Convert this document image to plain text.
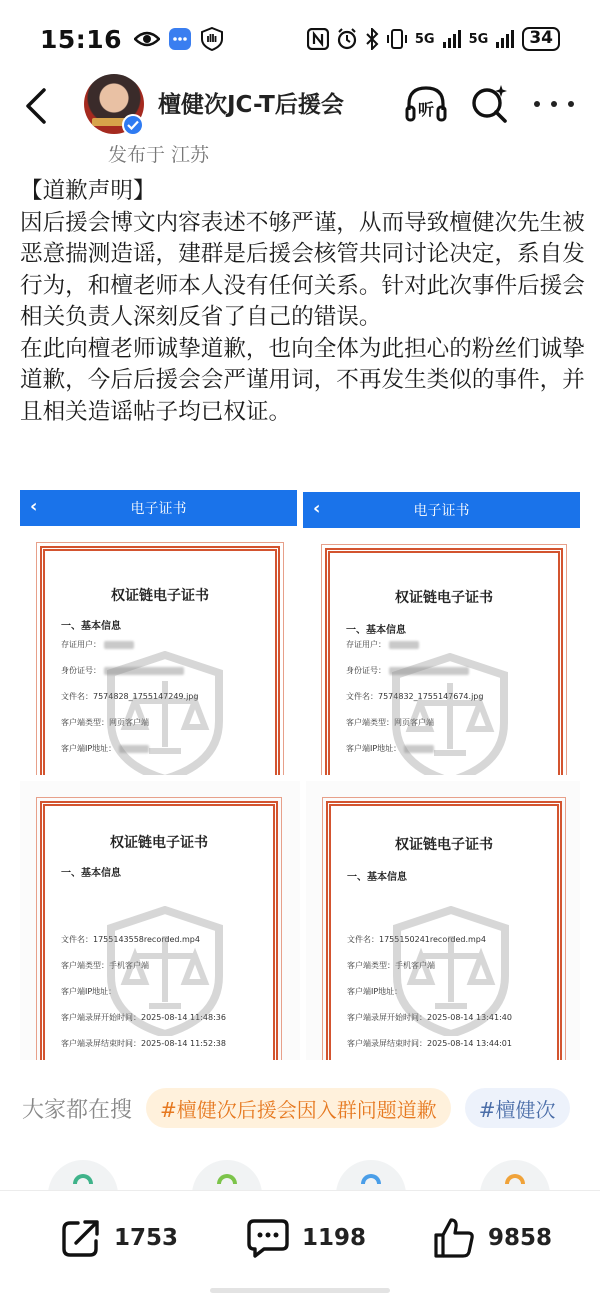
15:16	5G	5G	34
檀健次JC-T后援会	听
发布于 江苏

【道歉声明】

因后援会博文内容表述不够严谨，从而导致檀健次先生被恶意揣测造谣，建群是后援会核管共同讨论决定，系自发行为，和檀老师本人没有任何关系。针对此次事件后援会相关负责人深刻反省了自己的错误。

在此向檀老师诚挚道歉，也向全体为此担心的粉丝们诚挚道歉，今后后援会会严谨用词，不再发生类似的事件，并且相关造谣帖子均已权证。

‹	电子证书
权证链电子证书
一、基本信息
存证用户：
身份证号：
文件名：7574828_1755147249.jpg
客户端类型：网页客户端
客户端IP地址：
‹	电子证书
权证链电子证书
一、基本信息
存证用户：
身份证号：
文件名：7574832_1755147674.jpg
客户端类型：网页客户端
客户端IP地址：
权证链电子证书
一、基本信息
文件名：1755143558recorded.mp4
客户端类型：手机客户端
客户端IP地址：
客户端录屏开始时间：2025-08-14 11:48:36
客户端录屏结束时间：2025-08-14 11:52:38
权证链电子证书
一、基本信息
文件名：1755150241recorded.mp4
客户端类型：手机客户端
客户端IP地址：
客户端录屏开始时间：2025-08-14 13:41:40
客户端录屏结束时间：2025-08-14 13:44:01
大家都在搜	#檀健次后援会因入群问题道歉	#檀健次
1753	1198	9858
